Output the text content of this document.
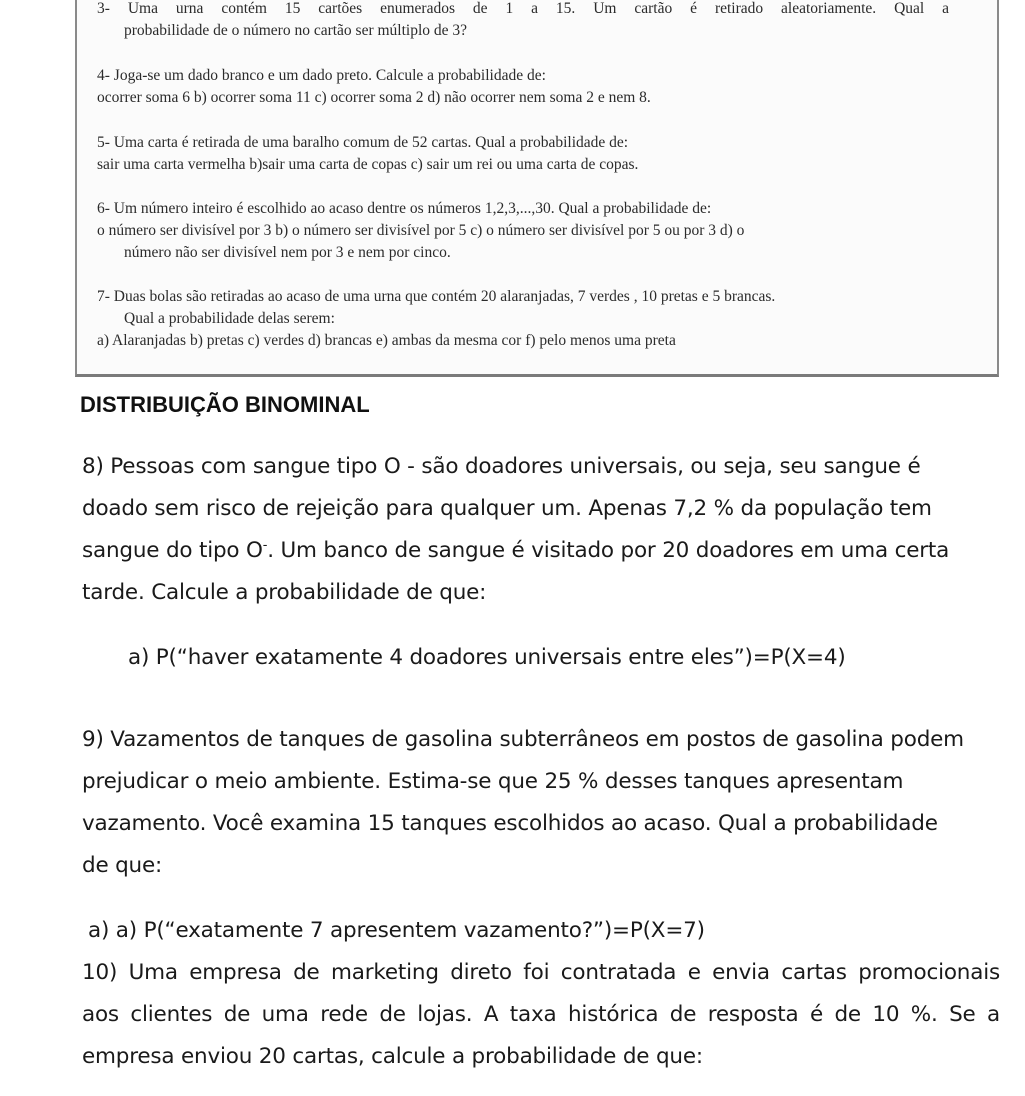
3- Uma urna contém 15 cartões enumerados de 1 a 15. Um cartão é retirado aleatoriamente. Qual a
probabilidade de o número no cartão ser múltiplo de 3?
4- Joga-se um dado branco e um dado preto. Calcule a probabilidade de:
ocorrer soma 6 b) ocorrer soma 11 c) ocorrer soma 2 d) não ocorrer nem soma 2 e nem 8.
5- Uma carta é retirada de uma baralho comum de 52 cartas. Qual a probabilidade de:
sair uma carta vermelha b)sair uma carta de copas c) sair um rei ou uma carta de copas.
6- Um número inteiro é escolhido ao acaso dentre os números 1,2,3,...,30. Qual a probabilidade de:
o número ser divisível por 3 b) o número ser divisível por 5 c) o número ser divisível por 5 ou por 3 d) o
número não ser divisível nem por 3 e nem por cinco.
7- Duas bolas são retiradas ao acaso de uma urna que contém 20 alaranjadas, 7 verdes , 10 pretas e 5 brancas.
Qual a probabilidade delas serem:
a) Alaranjadas b) pretas c) verdes d) brancas e) ambas da mesma cor f) pelo menos uma preta
DISTRIBUIÇÃO BINOMINAL
8) Pessoas com sangue tipo O - são doadores universais, ou seja, seu sangue é
doado sem risco de rejeição para qualquer um. Apenas 7,2 % da população tem
sangue do tipo O-. Um banco de sangue é visitado por 20 doadores em uma certa
tarde. Calcule a probabilidade de que:
a) P(“haver exatamente 4 doadores universais entre eles”)=P(X=4)
9) Vazamentos de tanques de gasolina subterrâneos em postos de gasolina podem
prejudicar o meio ambiente. Estima-se que 25 % desses tanques apresentam
vazamento. Você examina 15 tanques escolhidos ao acaso. Qual a probabilidade
de que:
a) a) P(“exatamente 7 apresentem vazamento?”)=P(X=7)
10) Uma empresa de marketing direto foi contratada e envia cartas promocionais
aos clientes de uma rede de lojas. A taxa histórica de resposta é de 10 %. Se a
empresa enviou 20 cartas, calcule a probabilidade de que:
